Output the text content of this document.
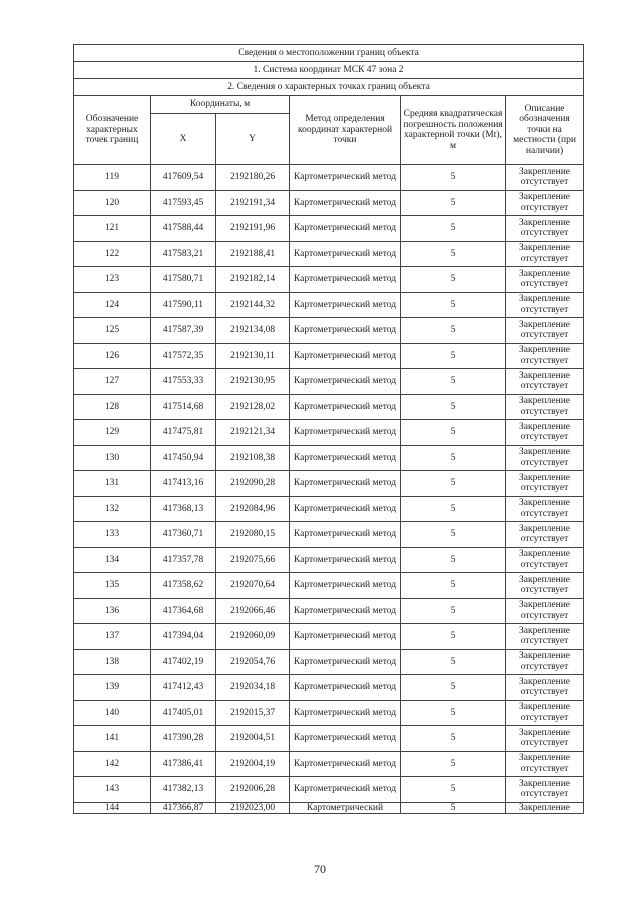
Сведения о местоположении границ объекта					
1. Система координат МСК 47 зона 2					
2. Сведения о характерных точках границ объекта					
Обозначение характерных точек границ	Координаты, м		Метод определения координат характерной точки	Средняя квадратическая погрешность положения характерной точки (Mt), м	Описание обозначения точки на местности (при наличии)
	X	Y			
119	417609,54	2192180,26	Картометрический метод	5	Закрепление отсутствует
120	417593,45	2192191,34	Картометрический метод	5	Закрепление отсутствует
121	417588,44	2192191,96	Картометрический метод	5	Закрепление отсутствует
122	417583,21	2192188,41	Картометрический метод	5	Закрепление отсутствует
123	417580,71	2192182,14	Картометрический метод	5	Закрепление отсутствует
124	417590,11	2192144,32	Картометрический метод	5	Закрепление отсутствует
125	417587,39	2192134,08	Картометрический метод	5	Закрепление отсутствует
126	417572,35	2192130,11	Картометрический метод	5	Закрепление отсутствует
127	417553,33	2192130,95	Картометрический метод	5	Закрепление отсутствует
128	417514,68	2192128,02	Картометрический метод	5	Закрепление отсутствует
129	417475,81	2192121,34	Картометрический метод	5	Закрепление отсутствует
130	417450,94	2192108,38	Картометрический метод	5	Закрепление отсутствует
131	417413,16	2192090,28	Картометрический метод	5	Закрепление отсутствует
132	417368,13	2192084,96	Картометрический метод	5	Закрепление отсутствует
133	417360,71	2192080,15	Картометрический метод	5	Закрепление отсутствует
134	417357,78	2192075,66	Картометрический метод	5	Закрепление отсутствует
135	417358,62	2192070,64	Картометрический метод	5	Закрепление отсутствует
136	417364,68	2192066,46	Картометрический метод	5	Закрепление отсутствует
137	417394,04	2192060,09	Картометрический метод	5	Закрепление отсутствует
138	417402,19	2192054,76	Картометрический метод	5	Закрепление отсутствует
139	417412,43	2192034,18	Картометрический метод	5	Закрепление отсутствует
140	417405,01	2192015,37	Картометрический метод	5	Закрепление отсутствует
141	417390,28	2192004,51	Картометрический метод	5	Закрепление отсутствует
142	417386,41	2192004,19	Картометрический метод	5	Закрепление отсутствует
143	417382,13	2192006,28	Картометрический метод	5	Закрепление отсутствует
144	417366,87	2192023,00	Картометрический	5	Закрепление
70
